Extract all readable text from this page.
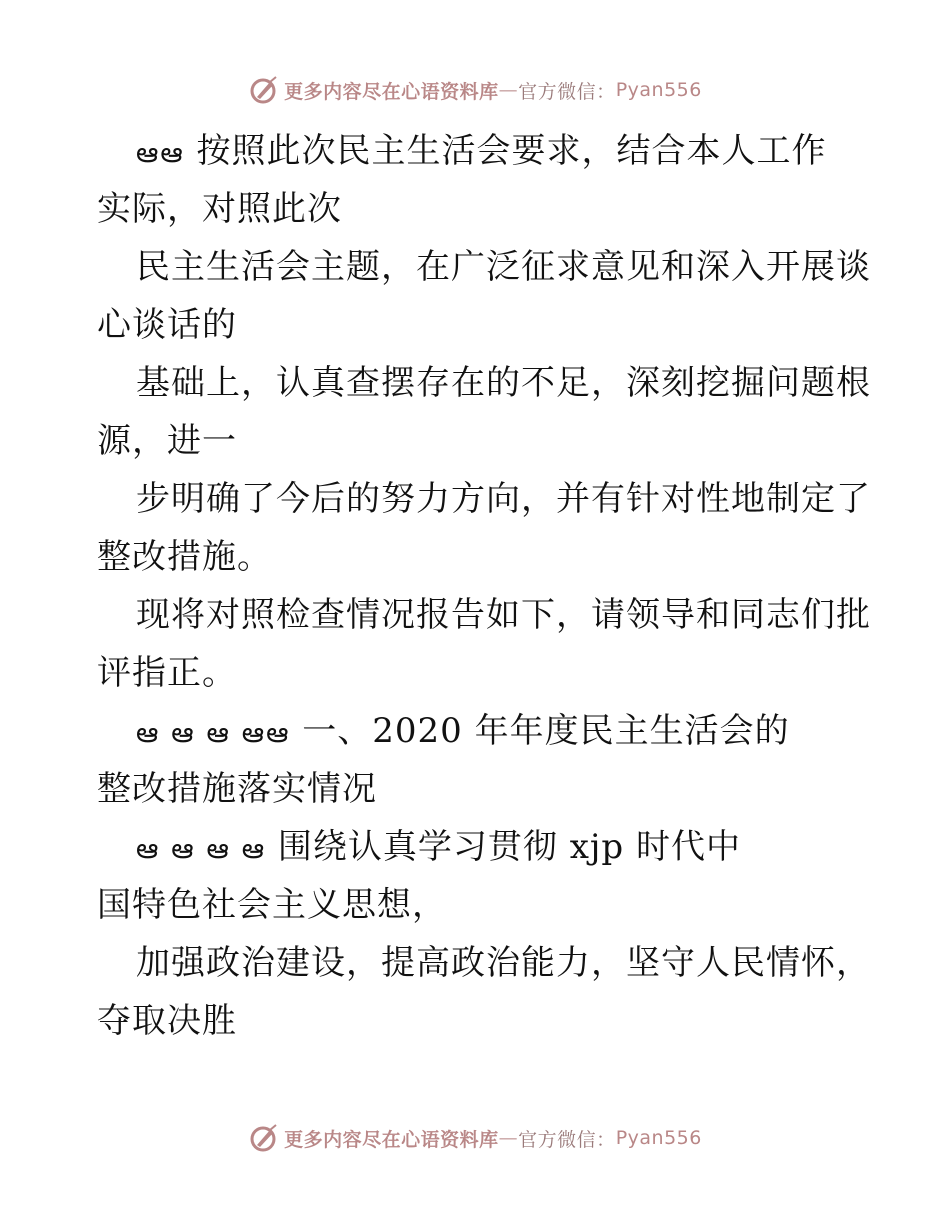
更多内容尽在心语资料库 — 官方微信： Pyan556
ఆఆ 按照此次民主生活会要求，结合本人工作
实际，对照此次
民主生活会主题，在广泛征求意见和深入开展谈
心谈话的
基础上，认真查摆存在的不足，深刻挖掘问题根
源，进一
步明确了今后的努力方向，并有针对性地制定了
整改措施。
现将对照检查情况报告如下，请领导和同志们批
评指正。
ఆ ఆ ఆ ఆఆ 一、2020 年年度民主生活会的
整改措施落实情况
ఆ ఆ ఆ ఆ 围绕认真学习贯彻 xjp 时代中
国特色社会主义思想，
加强政治建设，提高政治能力，坚守人民情怀，
夺取决胜
更多内容尽在心语资料库 — 官方微信： Pyan556
